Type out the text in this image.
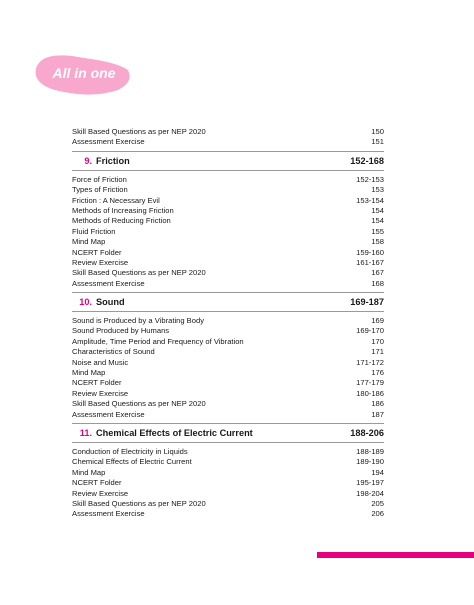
All in one
Skill Based Questions as per NEP 2020	150
Assessment Exercise	151
9. Friction	152-168
Force of Friction	152-153
Types of Friction	153
Friction : A Necessary Evil	153-154
Methods of Increasing Friction	154
Methods of Reducing Friction	154
Fluid Friction	155
Mind Map	158
NCERT Folder	159-160
Review Exercise	161-167
Skill Based Questions as per NEP 2020	167
Assessment Exercise	168
10. Sound	169-187
Sound is Produced by a Vibrating Body	169
Sound Produced by Humans	169-170
Amplitude, Time Period and Frequency of Vibration	170
Characteristics of Sound	171
Noise and Music	171-172
Mind Map	176
NCERT Folder	177-179
Review Exercise	180-186
Skill Based Questions as per NEP 2020	186
Assessment Exercise	187
11. Chemical Effects of Electric Current	188-206
Conduction of Electricity in Liquids	188-189
Chemical Effects of Electric Current	189-190
Mind Map	194
NCERT Folder	195-197
Review Exercise	198-204
Skill Based Questions as per NEP 2020	205
Assessment Exercise	206
